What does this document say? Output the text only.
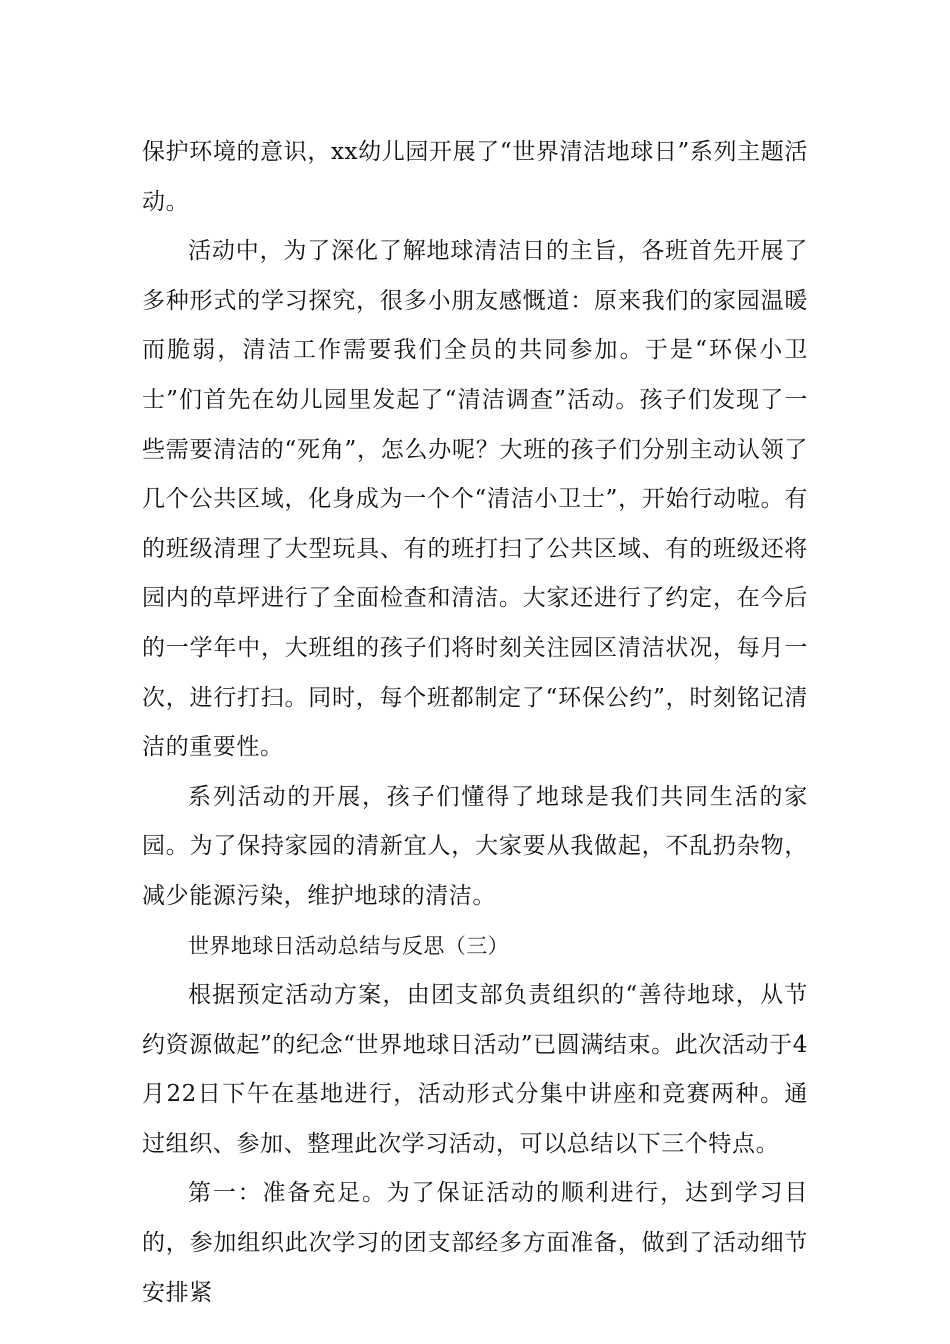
保护环境的意识，xx幼儿园开展了“世界清洁地球日”系列主题活动。

活动中，为了深化了解地球清洁日的主旨，各班首先开展了多种形式的学习探究，很多小朋友感慨道：原来我们的家园温暖而脆弱，清洁工作需要我们全员的共同参加。于是“环保小卫士”们首先在幼儿园里发起了“清洁调查”活动。孩子们发现了一些需要清洁的“死角”，怎么办呢？大班的孩子们分别主动认领了几个公共区域，化身成为一个个“清洁小卫士”，开始行动啦。有的班级清理了大型玩具、有的班打扫了公共区域、有的班级还将园内的草坪进行了全面检查和清洁。大家还进行了约定，在今后的一学年中，大班组的孩子们将时刻关注园区清洁状况，每月一次，进行打扫。同时，每个班都制定了“环保公约”，时刻铭记清洁的重要性。

系列活动的开展，孩子们懂得了地球是我们共同生活的家园。为了保持家园的清新宜人，大家要从我做起，不乱扔杂物，减少能源污染，维护地球的清洁。

世界地球日活动总结与反思（三）

根据预定活动方案，由团支部负责组织的“善待地球，从节约资源做起”的纪念“世界地球日活动”已圆满结束。此次活动于4月22日下午在基地进行，活动形式分集中讲座和竞赛两种。通过组织、参加、整理此次学习活动，可以总结以下三个特点。

第一：准备充足。为了保证活动的顺利进行，达到学习目的，参加组织此次学习的团支部经多方面准备，做到了活动细节安排紧
